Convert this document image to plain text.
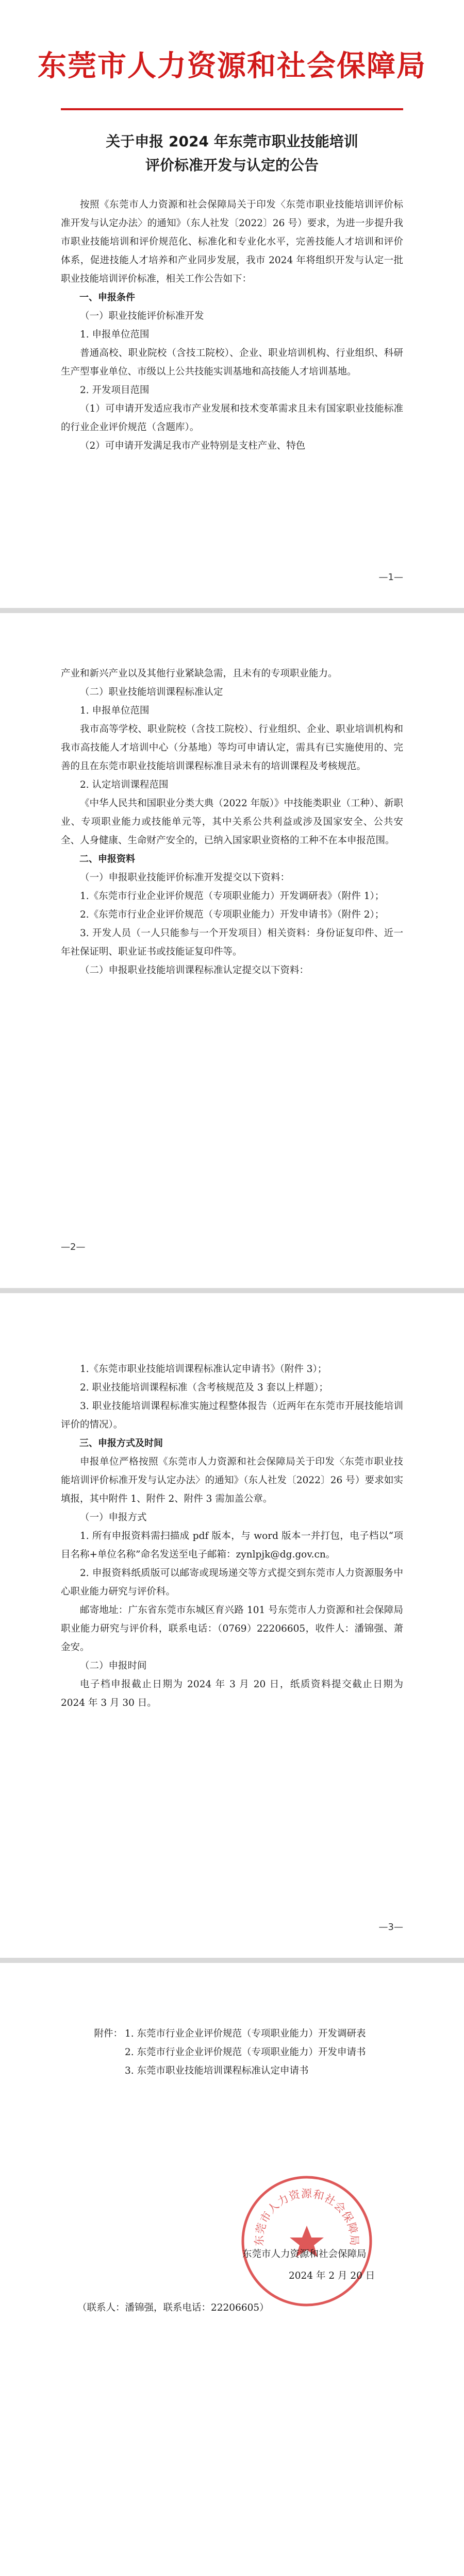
东莞市人力资源和社会保障局
关于申报 2024 年东莞市职业技能培训
评价标准开发与认定的公告

按照《东莞市人力资源和社会保障局关于印发〈东莞市职业技能培训评价标准开发与认定办法〉的通知》（东人社发〔2022〕26 号）要求，为进一步提升我市职业技能培训和评价规范化、标准化和专业化水平，完善技能人才培训和评价体系，促进技能人才培养和产业同步发展，我市 2024 年将组织开发与认定一批职业技能培训评价标准，相关工作公告如下：

一、申报条件

（一）职业技能评价标准开发

1. 申报单位范围

普通高校、职业院校（含技工院校）、企业、职业培训机构、行业组织、科研生产型事业单位、市级以上公共技能实训基地和高技能人才培训基地。

2. 开发项目范围

（1）可申请开发适应我市产业发展和技术变革需求且未有国家职业技能标准的行业企业评价规范（含题库）。

（2）可申请开发满足我市产业特别是支柱产业、特色

—1—

产业和新兴产业以及其他行业紧缺急需，且未有的专项职业能力。

（二）职业技能培训课程标准认定

1. 申报单位范围

我市高等学校、职业院校（含技工院校）、行业组织、企业、职业培训机构和我市高技能人才培训中心（分基地）等均可申请认定，需具有已实施使用的、完善的且在东莞市职业技能培训课程标准目录未有的培训课程及考核规范。

2. 认定培训课程范围

《中华人民共和国职业分类大典（2022 年版）》中技能类职业（工种）、新职业、专项职业能力或技能单元等，其中关系公共利益或涉及国家安全、公共安全、人身健康、生命财产安全的，已纳入国家职业资格的工种不在本申报范围。

二、申报资料

（一）申报职业技能评价标准开发提交以下资料：

1.《东莞市行业企业评价规范（专项职业能力）开发调研表》（附件 1）；

2.《东莞市行业企业评价规范（专项职业能力）开发申请书》（附件 2）；

3. 开发人员（一人只能参与一个开发项目）相关资料：身份证复印件、近一年社保证明、职业证书或技能证复印件等。

（二）申报职业技能培训课程标准认定提交以下资料：

—2—

1.《东莞市职业技能培训课程标准认定申请书》（附件 3）；

2. 职业技能培训课程标准（含考核规范及 3 套以上样题）；

3. 职业技能培训课程标准实施过程整体报告（近两年在东莞市开展技能培训评价的情况）。

三、申报方式及时间

申报单位严格按照《东莞市人力资源和社会保障局关于印发〈东莞市职业技能培训评价标准开发与认定办法〉的通知》（东人社发〔2022〕26 号）要求如实填报，其中附件 1、附件 2、附件 3 需加盖公章。

（一）申报方式

1. 所有申报资料需扫描成 pdf 版本，与 word 版本一并打包，电子档以“项目名称+单位名称”命名发送至电子邮箱：zynlpjk@dg.gov.cn。

2. 申报资料纸质版可以邮寄或现场递交等方式提交到东莞市人力资源服务中心职业能力研究与评价科。

邮寄地址：广东省东莞市东城区育兴路 101 号东莞市人力资源和社会保障局职业能力研究与评价科，联系电话：（0769）22206605，收件人：潘锦强、萧金安。

（二）申报时间

电子档申报截止日期为 2024 年 3 月 20 日，纸质资料提交截止日期为 2024 年 3 月 30 日。

—3—
附件： 1. 东莞市行业企业评价规范（专项职业能力）开发调研表
2. 东莞市行业企业评价规范（专项职业能力）开发申请书
3. 东莞市职业技能培训课程标准认定申请书
东莞市人力资源和社会保障局
东莞市人力资源和社会保障局
2024 年 2 月 20 日
（联系人：潘锦强，联系电话：22206605）
